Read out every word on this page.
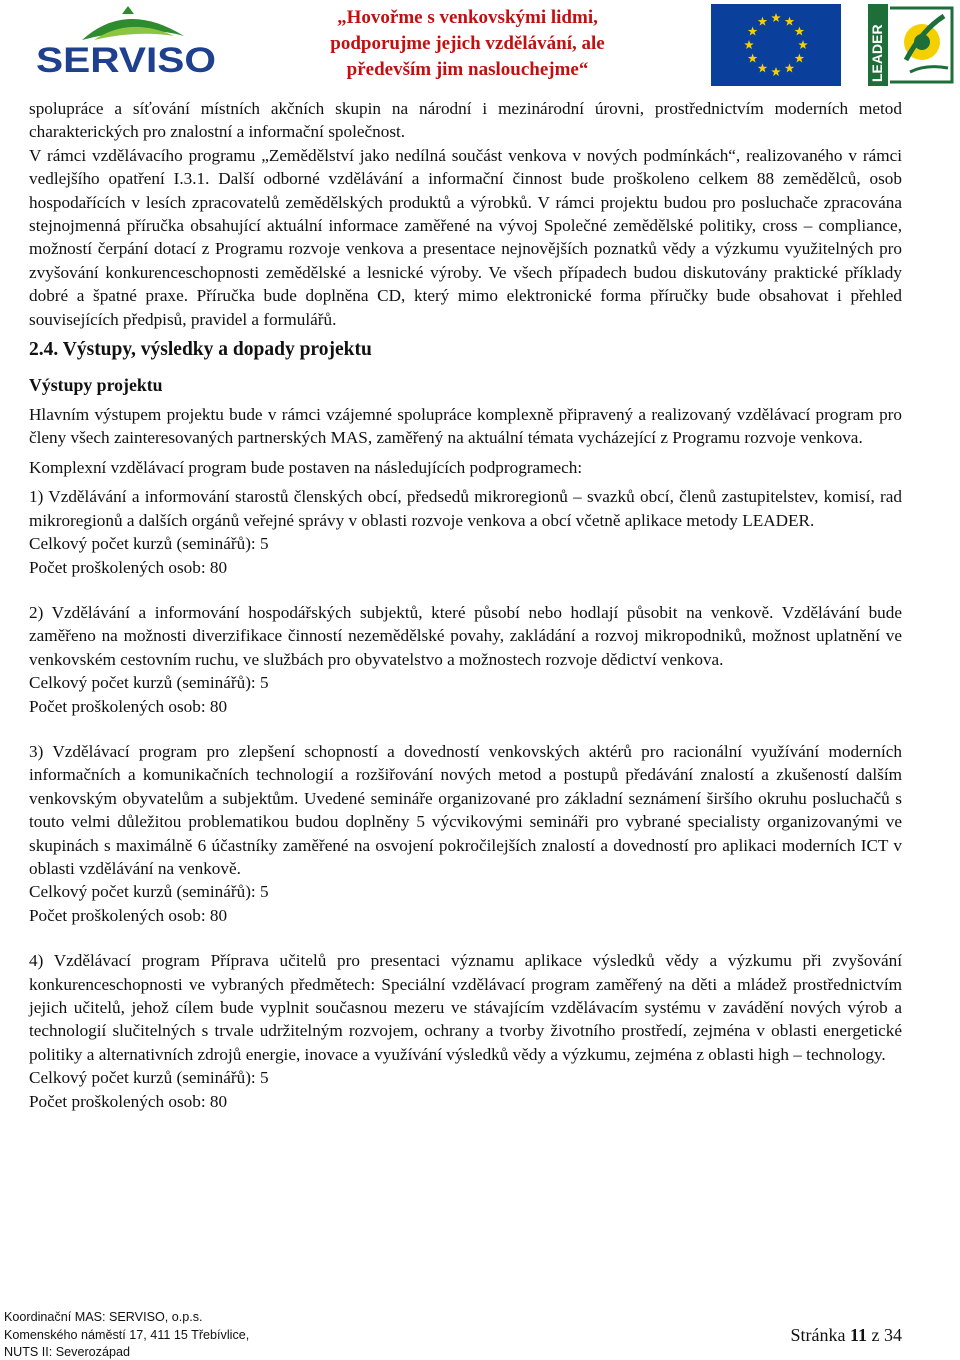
SERVISO
„Hovořme s venkovskými lidmi,
podporujme jejich vzdělávání, ale
především jim naslouchejme“	LEADER

spolupráce a síťování místních akčních skupin na národní i mezinárodní úrovni, prostřednictvím moderních metod charakterických pro znalostní a informační společnost.

V rámci vzdělávacího programu „Zemědělství jako nedílná součást venkova v nových podmínkách“, realizovaného v rámci vedlejšího opatření I.3.1. Další odborné vzdělávání a informační činnost bude proškoleno celkem 88 zemědělců, osob hospodařících v lesích zpracovatelů zemědělských produktů a výrobků. V rámci projektu budou pro posluchače zpracována stejnojmenná příručka obsahující aktuální informace zaměřené na vývoj Společné zemědělské politiky, cross – compliance, možností čerpání dotací z Programu rozvoje venkova a presentace nejnovějších poznatků vědy a výzkumu využitelných pro zvyšování konkurenceschopnosti zemědělské a lesnické výroby. Ve všech případech budou diskutovány praktické příklady dobré a špatné praxe. Příručka bude doplněna CD, který mimo elektronické forma příručky bude obsahovat i přehled souvisejících předpisů, pravidel a formulářů.

2.4. Výstupy, výsledky a dopady projektu
Výstupy projektu

Hlavním výstupem projektu bude v rámci vzájemné spolupráce komplexně připravený a realizovaný vzdělávací program pro členy všech zainteresovaných partnerských MAS, zaměřený na aktuální témata vycházející z Programu rozvoje venkova.

Komplexní vzdělávací program bude postaven na následujících podprogramech:

1) Vzdělávání a informování starostů členských obcí, předsedů mikroregionů – svazků obcí, členů zastupitelstev, komisí, rad mikroregionů a dalších orgánů veřejné správy v oblasti rozvoje venkova a obcí včetně aplikace metody LEADER.

Celkový počet kurzů (seminářů): 5

Počet proškolených osob: 80

2) Vzdělávání a informování hospodářských subjektů, které působí nebo hodlají působit na venkově. Vzdělávání bude zaměřeno na možnosti diverzifikace činností nezemědělské povahy, zakládání a rozvoj mikropodniků, možnost uplatnění ve venkovském cestovním ruchu, ve službách pro obyvatelstvo a možnostech rozvoje dědictví venkova.

Celkový počet kurzů (seminářů): 5

Počet proškolených osob: 80

3) Vzdělávací program pro zlepšení schopností a dovedností venkovských aktérů pro racionální využívání moderních informačních a komunikačních technologií a rozšiřování nových metod a postupů předávání znalostí a zkušeností dalším venkovským obyvatelům a subjektům. Uvedené semináře organizované pro základní seznámení širšího okruhu posluchačů s touto velmi důležitou problematikou budou doplněny 5 výcvikovými semináři pro vybrané specialisty organizovanými ve skupinách s maximálně 6 účastníky zaměřené na osvojení pokročilejších znalostí a dovedností pro aplikaci moderních ICT v oblasti vzdělávání na venkově.

Celkový počet kurzů (seminářů): 5

Počet proškolených osob: 80

4) Vzdělávací program Příprava učitelů pro presentaci významu aplikace výsledků vědy a výzkumu při zvyšování konkurenceschopnosti ve vybraných předmětech: Speciální vzdělávací program zaměřený na děti a mládež prostřednictvím jejich učitelů, jehož cílem bude vyplnit současnou mezeru ve stávajícím vzdělávacím systému v zavádění nových výrob a technologií slučitelných s trvale udržitelným rozvojem, ochrany a tvorby životního prostředí, zejména v oblasti energetické politiky a alternativních zdrojů energie, inovace a využívání výsledků vědy a výzkumu, zejména z oblasti high – technology.

Celkový počet kurzů (seminářů): 5

Počet proškolených osob: 80

Koordinační MAS: SERVISO, o.p.s.
Komenského náměstí 17, 411 15 Třebívlice,
NUTS II: Severozápad
Stránka 11 z 34
